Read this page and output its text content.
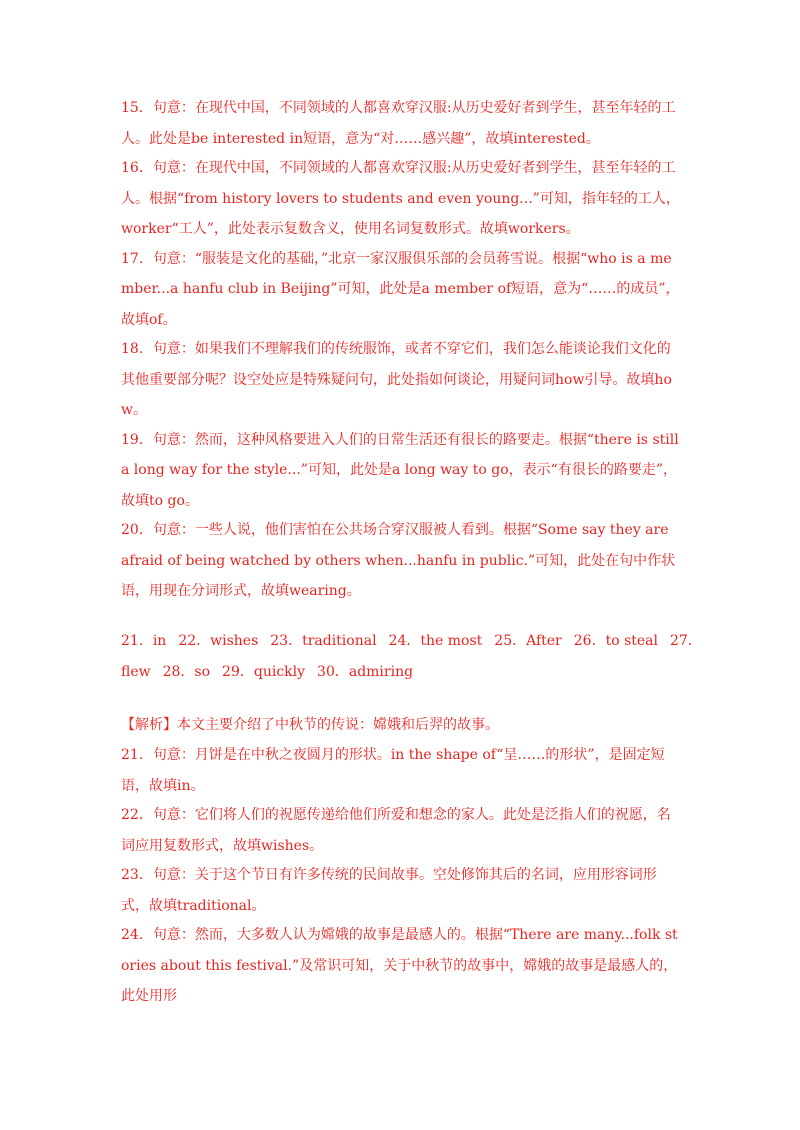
15．句意：在现代中国，不同领域的人都喜欢穿汉服:从历史爱好者到学生，甚至年轻的工人。此处是be interested in短语，意为“对……感兴趣”，故填interested。

16．句意：在现代中国，不同领域的人都喜欢穿汉服:从历史爱好者到学生，甚至年轻的工人。根据“from history lovers to students and even young...”可知，指年轻的工人，worker“工人”，此处表示复数含义，使用名词复数形式。故填workers。

17．句意：“服装是文化的基础，”北京一家汉服俱乐部的会员蒋雪说。根据“who is a member...a hanfu club in Beijing”可知，此处是a member of短语，意为“……的成员”，故填of。

18．句意：如果我们不理解我们的传统服饰，或者不穿它们，我们怎么能谈论我们文化的其他重要部分呢？设空处应是特殊疑问句，此处指如何谈论，用疑问词how引导。故填how。

19．句意：然而，这种风格要进入人们的日常生活还有很长的路要走。根据“there is still a long way for the style...”可知，此处是a long way to go，表示“有很长的路要走”，故填to go。

20．句意：一些人说，他们害怕在公共场合穿汉服被人看到。根据“Some say they are afraid of being watched by others when...hanfu in public.”可知，此处在句中作状语，用现在分词形式，故填wearing。

21．in 22．wishes 23．traditional 24．the most 25．After 26．to steal 27．
flew 28．so 29．quickly 30．admiring

【解析】本文主要介绍了中秋节的传说：嫦娥和后羿的故事。

21．句意：月饼是在中秋之夜圆月的形状。in the shape of“呈……的形状”，是固定短语，故填in。

22．句意：它们将人们的祝愿传递给他们所爱和想念的家人。此处是泛指人们的祝愿，名词应用复数形式，故填wishes。

23．句意：关于这个节日有许多传统的民间故事。空处修饰其后的名词，应用形容词形式，故填traditional。

24．句意：然而，大多数人认为嫦娥的故事是最感人的。根据“There are many...folk stories about this festival.”及常识可知，关于中秋节的故事中，嫦娥的故事是最感人的，此处用形
